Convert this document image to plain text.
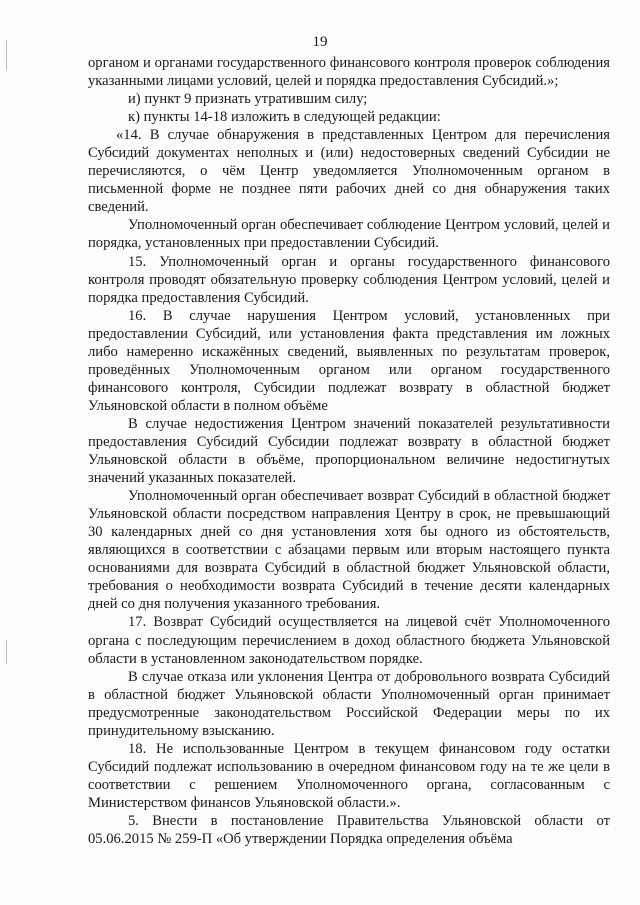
19

органом и органами государственного финансового контроля проверок соблюдения указанными лицами условий, целей и порядка предоставления Субсидий.»;

и) пункт 9 признать утратившим силу;

к) пункты 14-18 изложить в следующей редакции:

«14. В случае обнаружения в представленных Центром для перечисления Субсидий документах неполных и (или) недостоверных сведений Субсидии не перечисляются, о чём Центр уведомляется Уполномоченным органом в письменной форме не позднее пяти рабочих дней со дня обнаружения таких сведений.

Уполномоченный орган обеспечивает соблюдение Центром условий, целей и порядка, установленных при предоставлении Субсидий.

15. Уполномоченный орган и органы государственного финансового контроля проводят обязательную проверку соблюдения Центром условий, целей и порядка предоставления Субсидий.

16. В случае нарушения Центром условий, установленных при предоставлении Субсидий, или установления факта представления им ложных либо намеренно искажённых сведений, выявленных по результатам проверок, проведённых Уполномоченным органом или органом государственного финансового контроля, Субсидии подлежат возврату в областной бюджет Ульяновской области в полном объёме

В случае недостижения Центром значений показателей результативности предоставления Субсидий Субсидии подлежат возврату в областной бюджет Ульяновской области в объёме, пропорциональном величине недостигнутых значений указанных показателей.

Уполномоченный орган обеспечивает возврат Субсидий в областной бюджет Ульяновской области посредством направления Центру в срок, не превышающий 30 календарных дней со дня установления хотя бы одного из обстоятельств, являющихся в соответствии с абзацами первым или вторым настоящего пункта основаниями для возврата Субсидий в областной бюджет Ульяновской области, требования о необходимости возврата Субсидий в течение десяти календарных дней со дня получения указанного требования.

17. Возврат Субсидий осуществляется на лицевой счёт Уполномоченного органа с последующим перечислением в доход областного бюджета Ульяновской области в установленном законодательством порядке.

В случае отказа или уклонения Центра от добровольного возврата Субсидий в областной бюджет Ульяновской области Уполномоченный орган принимает предусмотренные законодательством Российской Федерации меры по их принудительному взысканию.

18. Не использованные Центром в текущем финансовом году остатки Субсидий подлежат использованию в очередном финансовом году на те же цели в соответствии с решением Уполномоченного органа, согласованным с Министерством финансов Ульяновской области.».

5. Внести в постановление Правительства Ульяновской области от 05.06.2015 № 259-П «Об утверждении Порядка определения объёма
